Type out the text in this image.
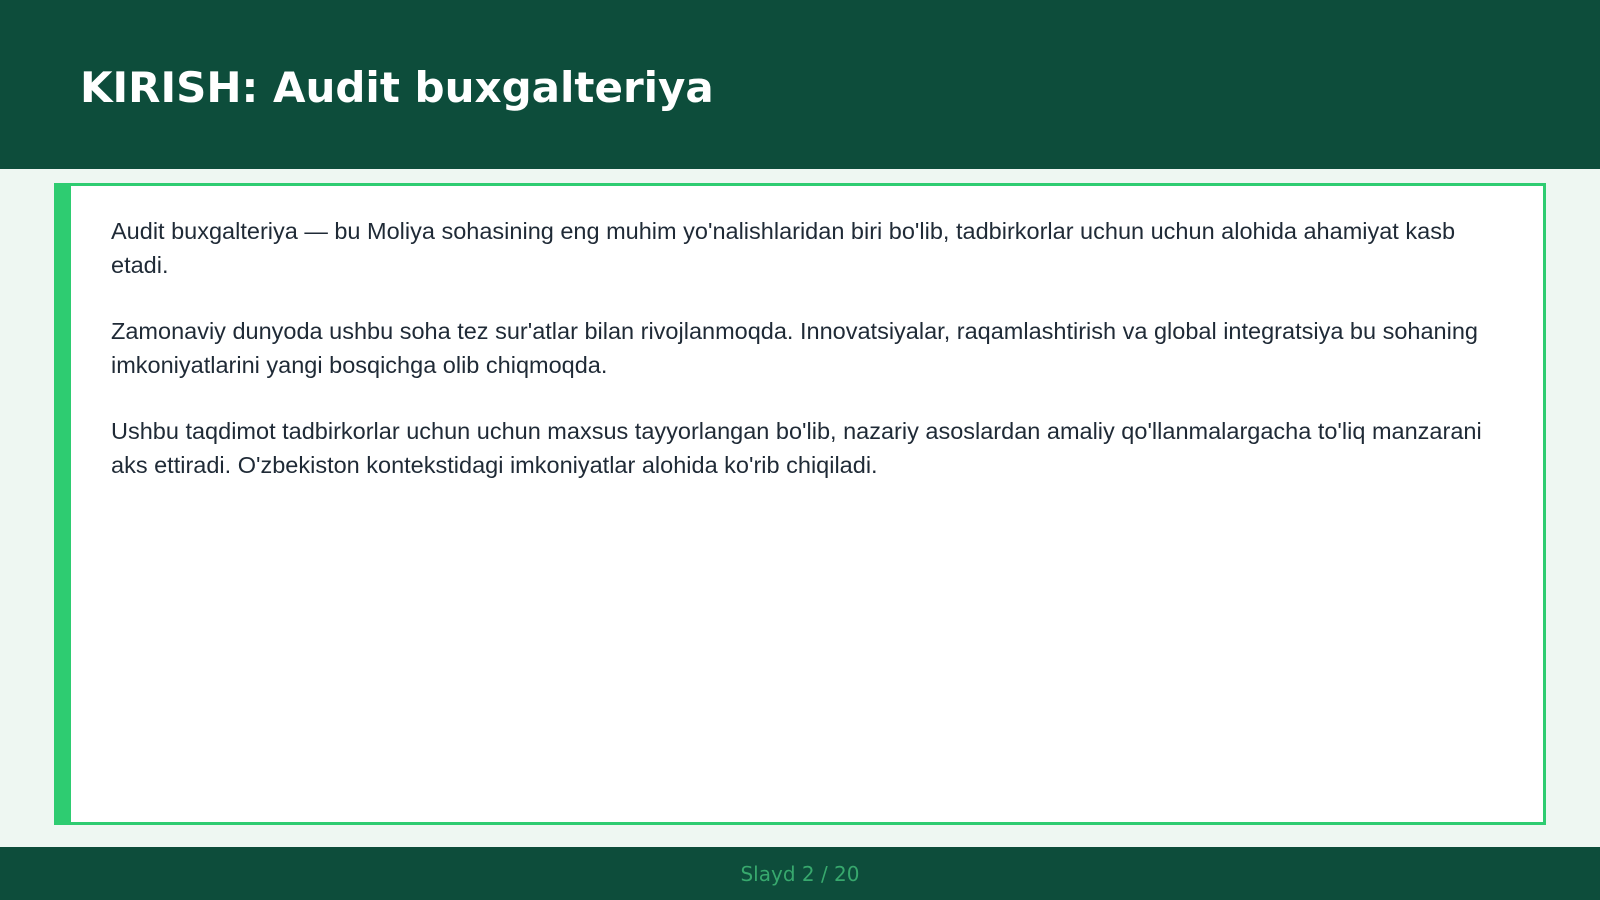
KIRISH: Audit buxgalteriya

Audit buxgalteriya — bu Moliya sohasining eng muhim yo'nalishlaridan biri bo'lib, tadbirkorlar uchun uchun alohida ahamiyat kasb etadi.

Zamonaviy dunyoda ushbu soha tez sur'atlar bilan rivojlanmoqda. Innovatsiyalar, raqamlashtirish va global integratsiya bu sohaning imkoniyatlarini yangi bosqichga olib chiqmoqda.

Ushbu taqdimot tadbirkorlar uchun uchun maxsus tayyorlangan bo'lib, nazariy asoslardan amaliy qo'llanmalargacha to'liq manzarani aks ettiradi. O'zbekiston kontekstidagi imkoniyatlar alohida ko'rib chiqiladi.

Slayd 2 / 20
